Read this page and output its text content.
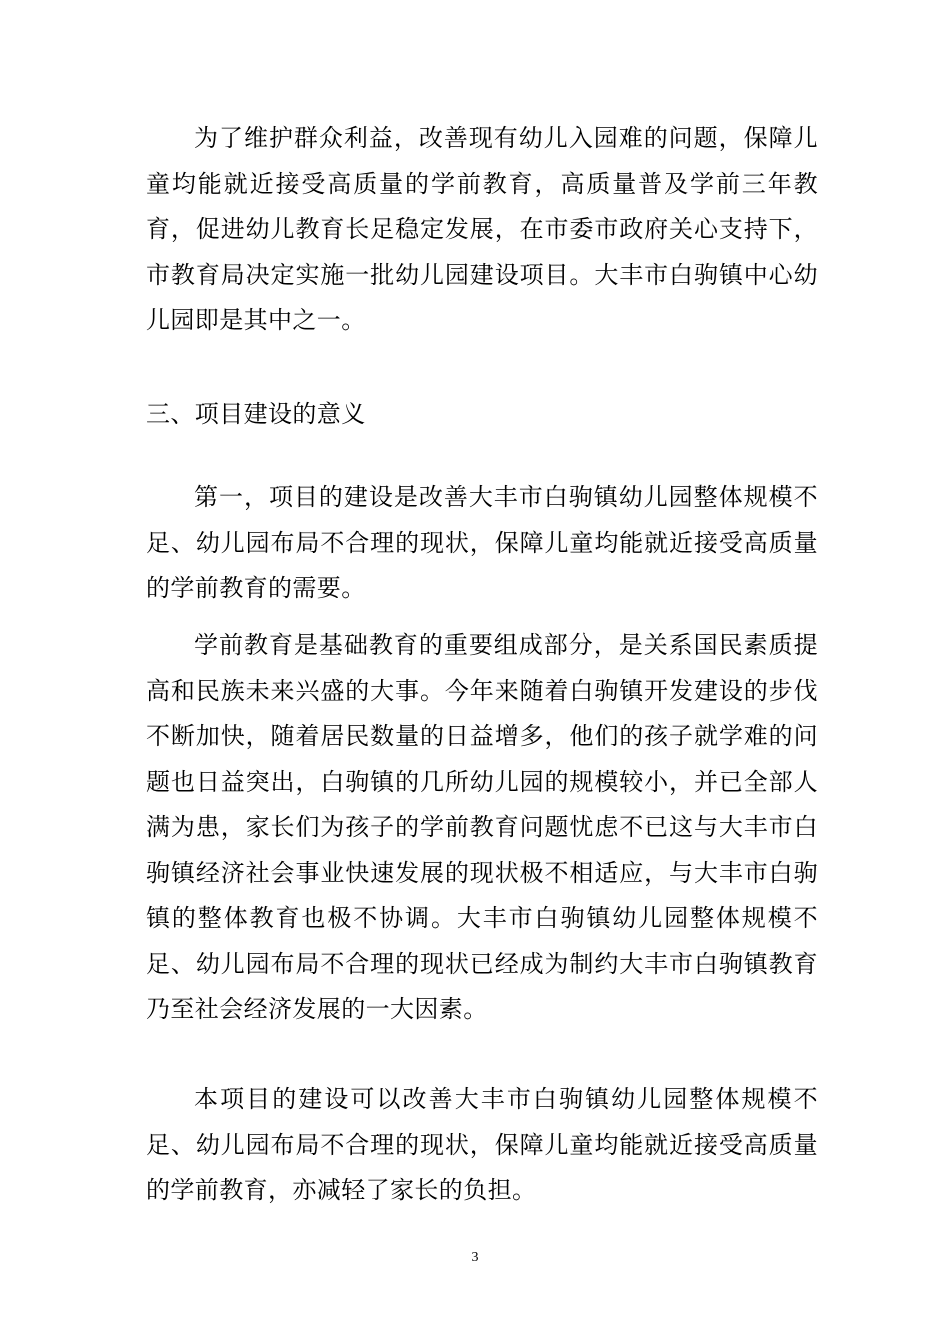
为了维护群众利益，改善现有幼儿入园难的问题，保障儿童均能就近接受高质量的学前教育，高质量普及学前三年教育，促进幼儿教育长足稳定发展，在市委市政府关心支持下，市教育局决定实施一批幼儿园建设项目。大丰市白驹镇中心幼儿园即是其中之一。

三、项目建设的意义

第一，项目的建设是改善大丰市白驹镇幼儿园整体规模不足、幼儿园布局不合理的现状，保障儿童均能就近接受高质量的学前教育的需要。

学前教育是基础教育的重要组成部分，是关系国民素质提高和民族未来兴盛的大事。今年来随着白驹镇开发建设的步伐不断加快，随着居民数量的日益增多，他们的孩子就学难的问题也日益突出，白驹镇的几所幼儿园的规模较小，并已全部人满为患，家长们为孩子的学前教育问题忧虑不已这与大丰市白驹镇经济社会事业快速发展的现状极不相适应，与大丰市白驹镇的整体教育也极不协调。大丰市白驹镇幼儿园整体规模不足、幼儿园布局不合理的现状已经成为制约大丰市白驹镇教育乃至社会经济发展的一大因素。

本项目的建设可以改善大丰市白驹镇幼儿园整体规模不足、幼儿园布局不合理的现状，保障儿童均能就近接受高质量的学前教育，亦减轻了家长的负担。

3
